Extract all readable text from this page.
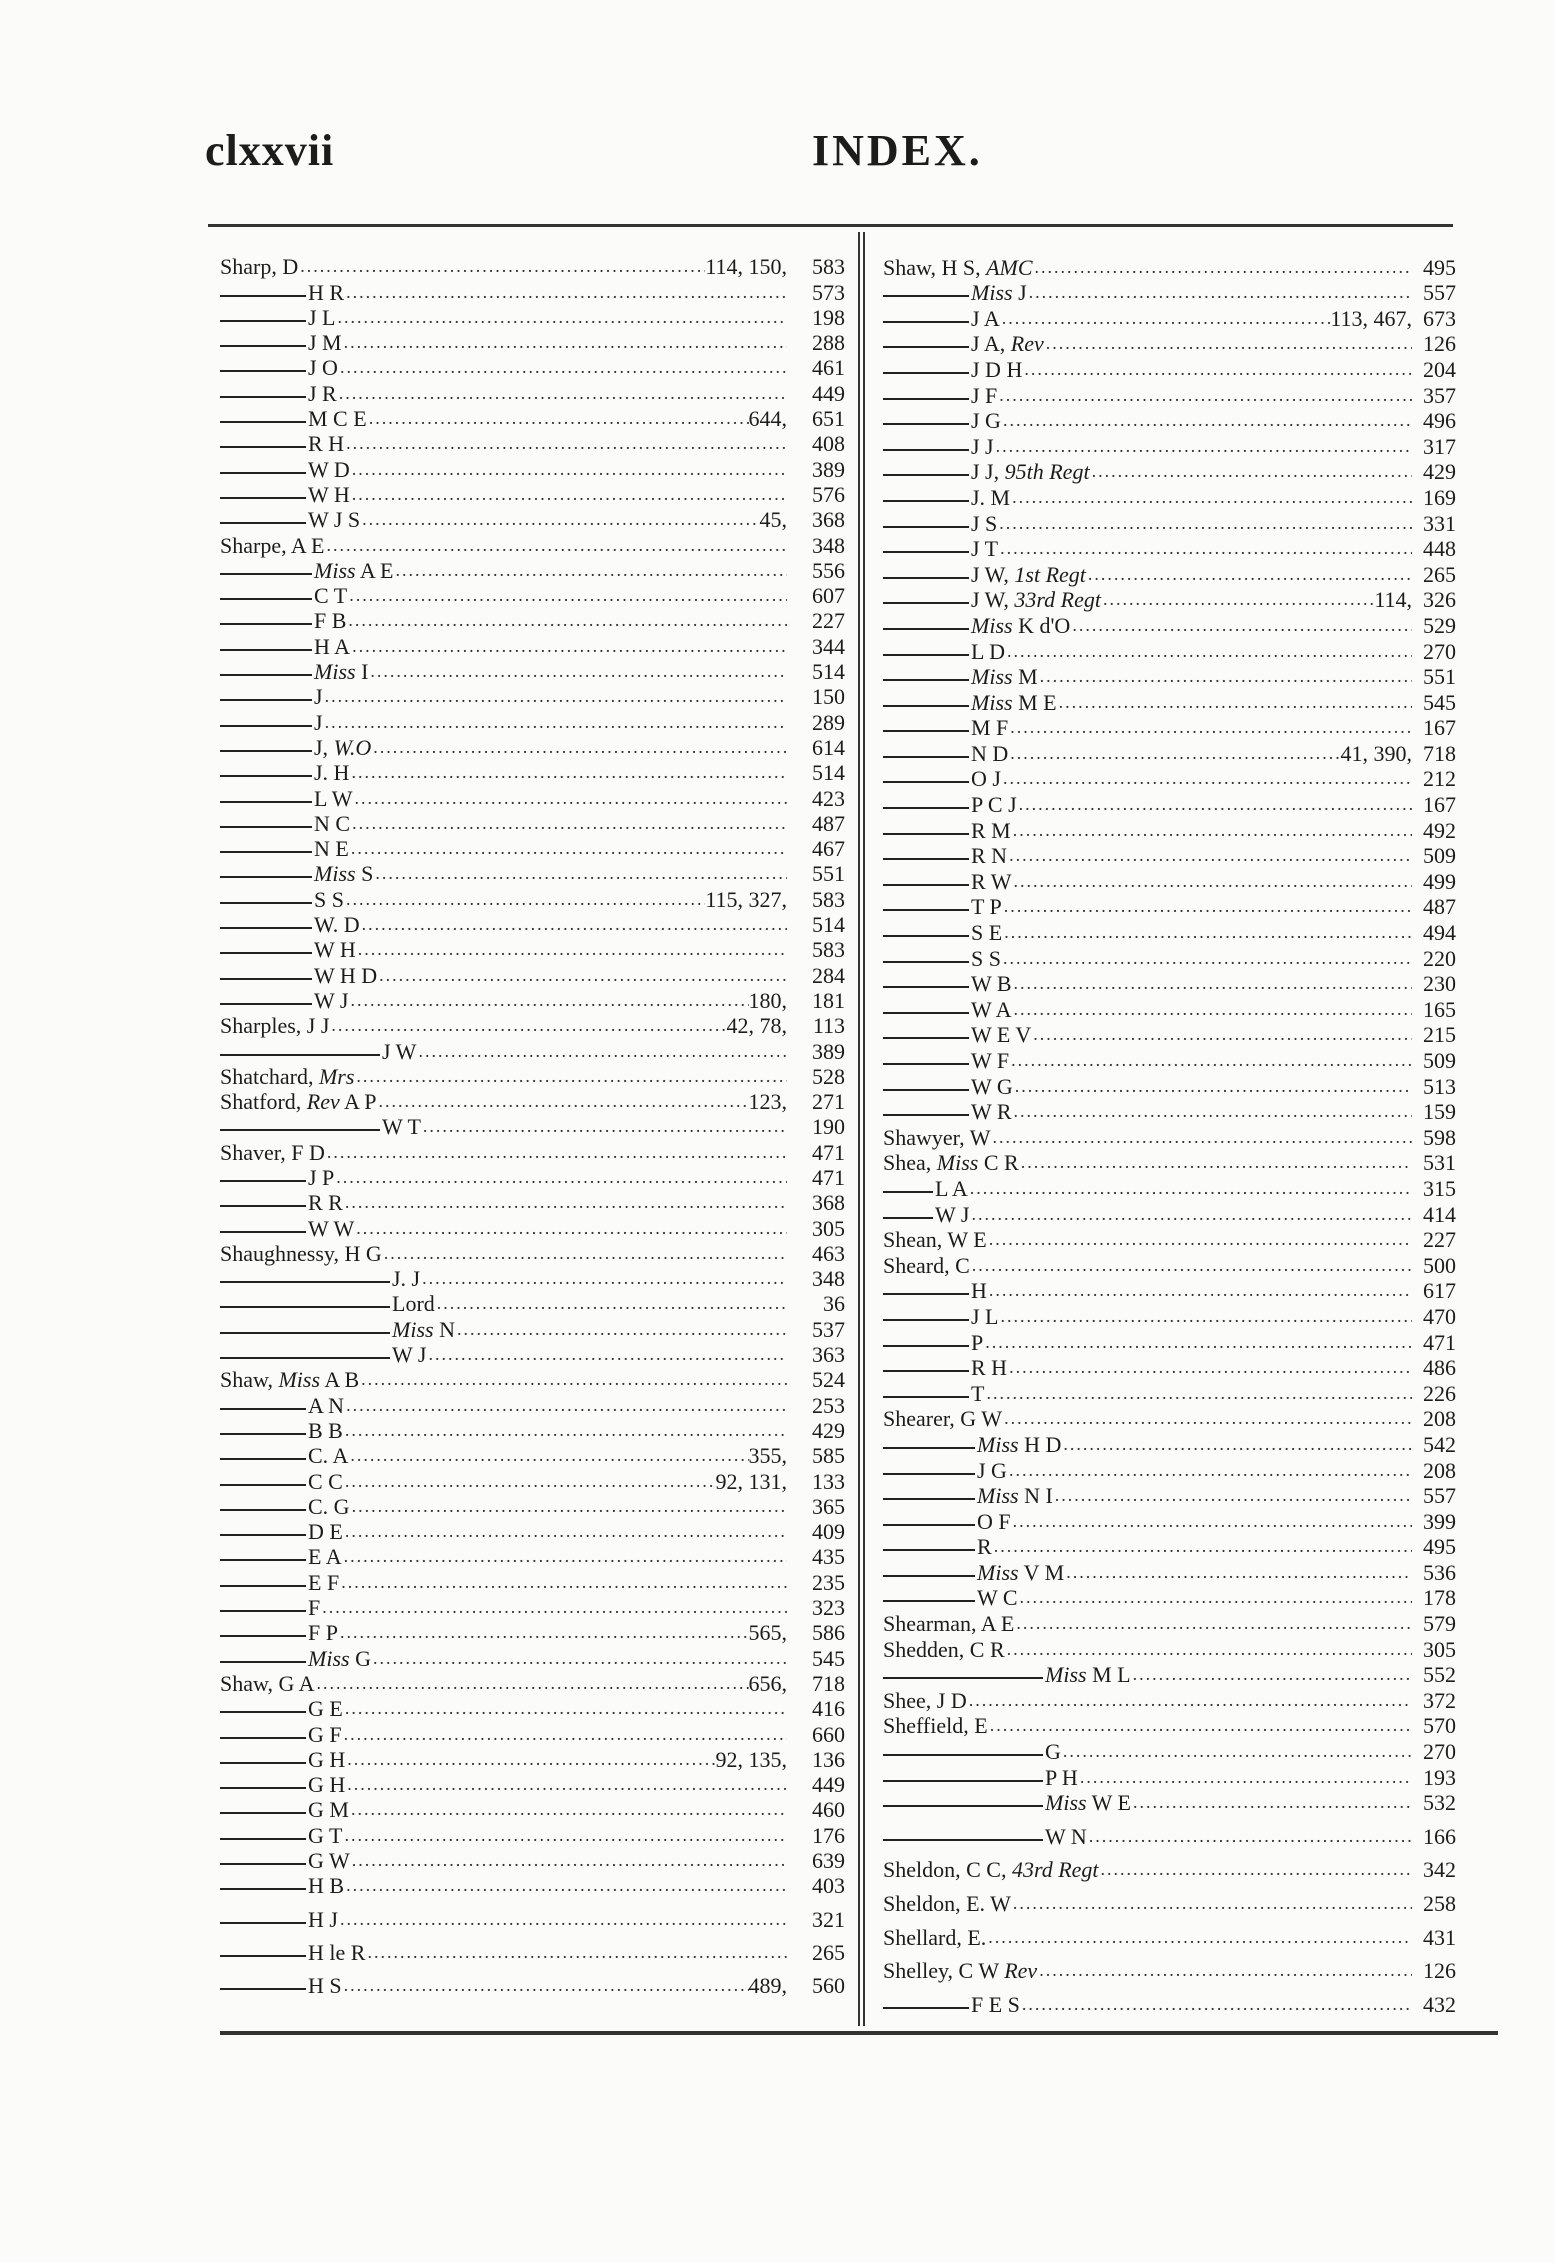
clxxvii	INDEX.
Sharp, D .....	114, 150,	583
H R .....	573
J L .....	198
J M .....	288
J O .....	461
J R .....	449
M C E .....	644,	651
R H .....	408
W D .....	389
W H .....	576
W J S .....	45,	368
Sharpe, A E .....	348
Miss A E .....	556
C T .....	607
F B .....	227
H A .....	344
Miss I .....	514
J .....	150
J .....	289
J, W.O .....	614
J. H .....	514
L W .....	423
N C .....	487
N E .....	467
Miss S .....	551
S S .....	115, 327,	583
W. D .....	514
W H .....	583
W H D .....	284
W J .....	180,	181
Sharples, J J .....	42, 78,	113
J W .....	389
Shatchard, Mrs .....	528
Shatford, Rev A P .....	123,	271
W T .....	190
Shaver, F D .....	471
J P .....	471
R R .....	368
W W .....	305
Shaughnessy, H G .....	463
J. J .....	348
Lord .....	36
Miss N .....	537
W J .....	363
Shaw, Miss A B .....	524
A N .....	253
B B .....	429
C. A .....	355,	585
C C .....	92, 131,	133
C. G .....	365
D E .....	409
E A .....	435
E F .....	235
F .....	323
F P .....	565,	586
Miss G .....	545
Shaw, G A .....	656,	718
G E .....	416
G F .....	660
G H .....	92, 135,	136
G H .....	449
G M .....	460
G T .....	176
G W .....	639
H B .....	403
H J .....	321
H le R .....	265
H S .....	489,	560
Shaw, H S, AMC .....	495
Miss J .....	557
J A .....	113, 467, 673
J A, Rev .....	126
J D H .....	204
J F .....	357
J G .....	496
J J .....	317
J J, 95th Regt .....	429
J. M .....	169
J S .....	331
J T .....	448
J W, 1st Regt .....	265
J W, 33rd Regt .....	114, 326
Miss K d'O .....	529
L D .....	270
Miss M .....	551
Miss M E .....	545
M F .....	167
N D .....	41, 390, 718
O J .....	212
P C J .....	167
R M .....	492
R N .....	509
R W .....	499
T P .....	487
S E .....	494
S S .....	220
W B .....	230
W A .....	165
W E V .....	215
W F .....	509
W G .....	513
W R .....	159
Shawyer, W .....	598
Shea, Miss C R .....	531
L A .....	315
W J .....	414
Shean, W E .....	227
Sheard, C .....	500
H .....	617
J L .....	470
P .....	471
R H .....	486
T .....	226
Shearer, G W .....	208
Miss H D .....	542
J G .....	208
Miss N I .....	557
O F .....	399
R .....	495
Miss V M .....	536
W C .....	178
Shearman, A E .....	579
Shedden, C R .....	305
Miss M L .....	552
Shee, J D .....	372
Sheffield, E .....	570
G .....	270
P H .....	193
Miss W E .....	532
W N .....	166
Sheldon, C C, 43rd Regt .....	342
Sheldon, E. W .....	258
Shellard, E. .....	431
Shelley, C W Rev .....	126
F E S .....	432
